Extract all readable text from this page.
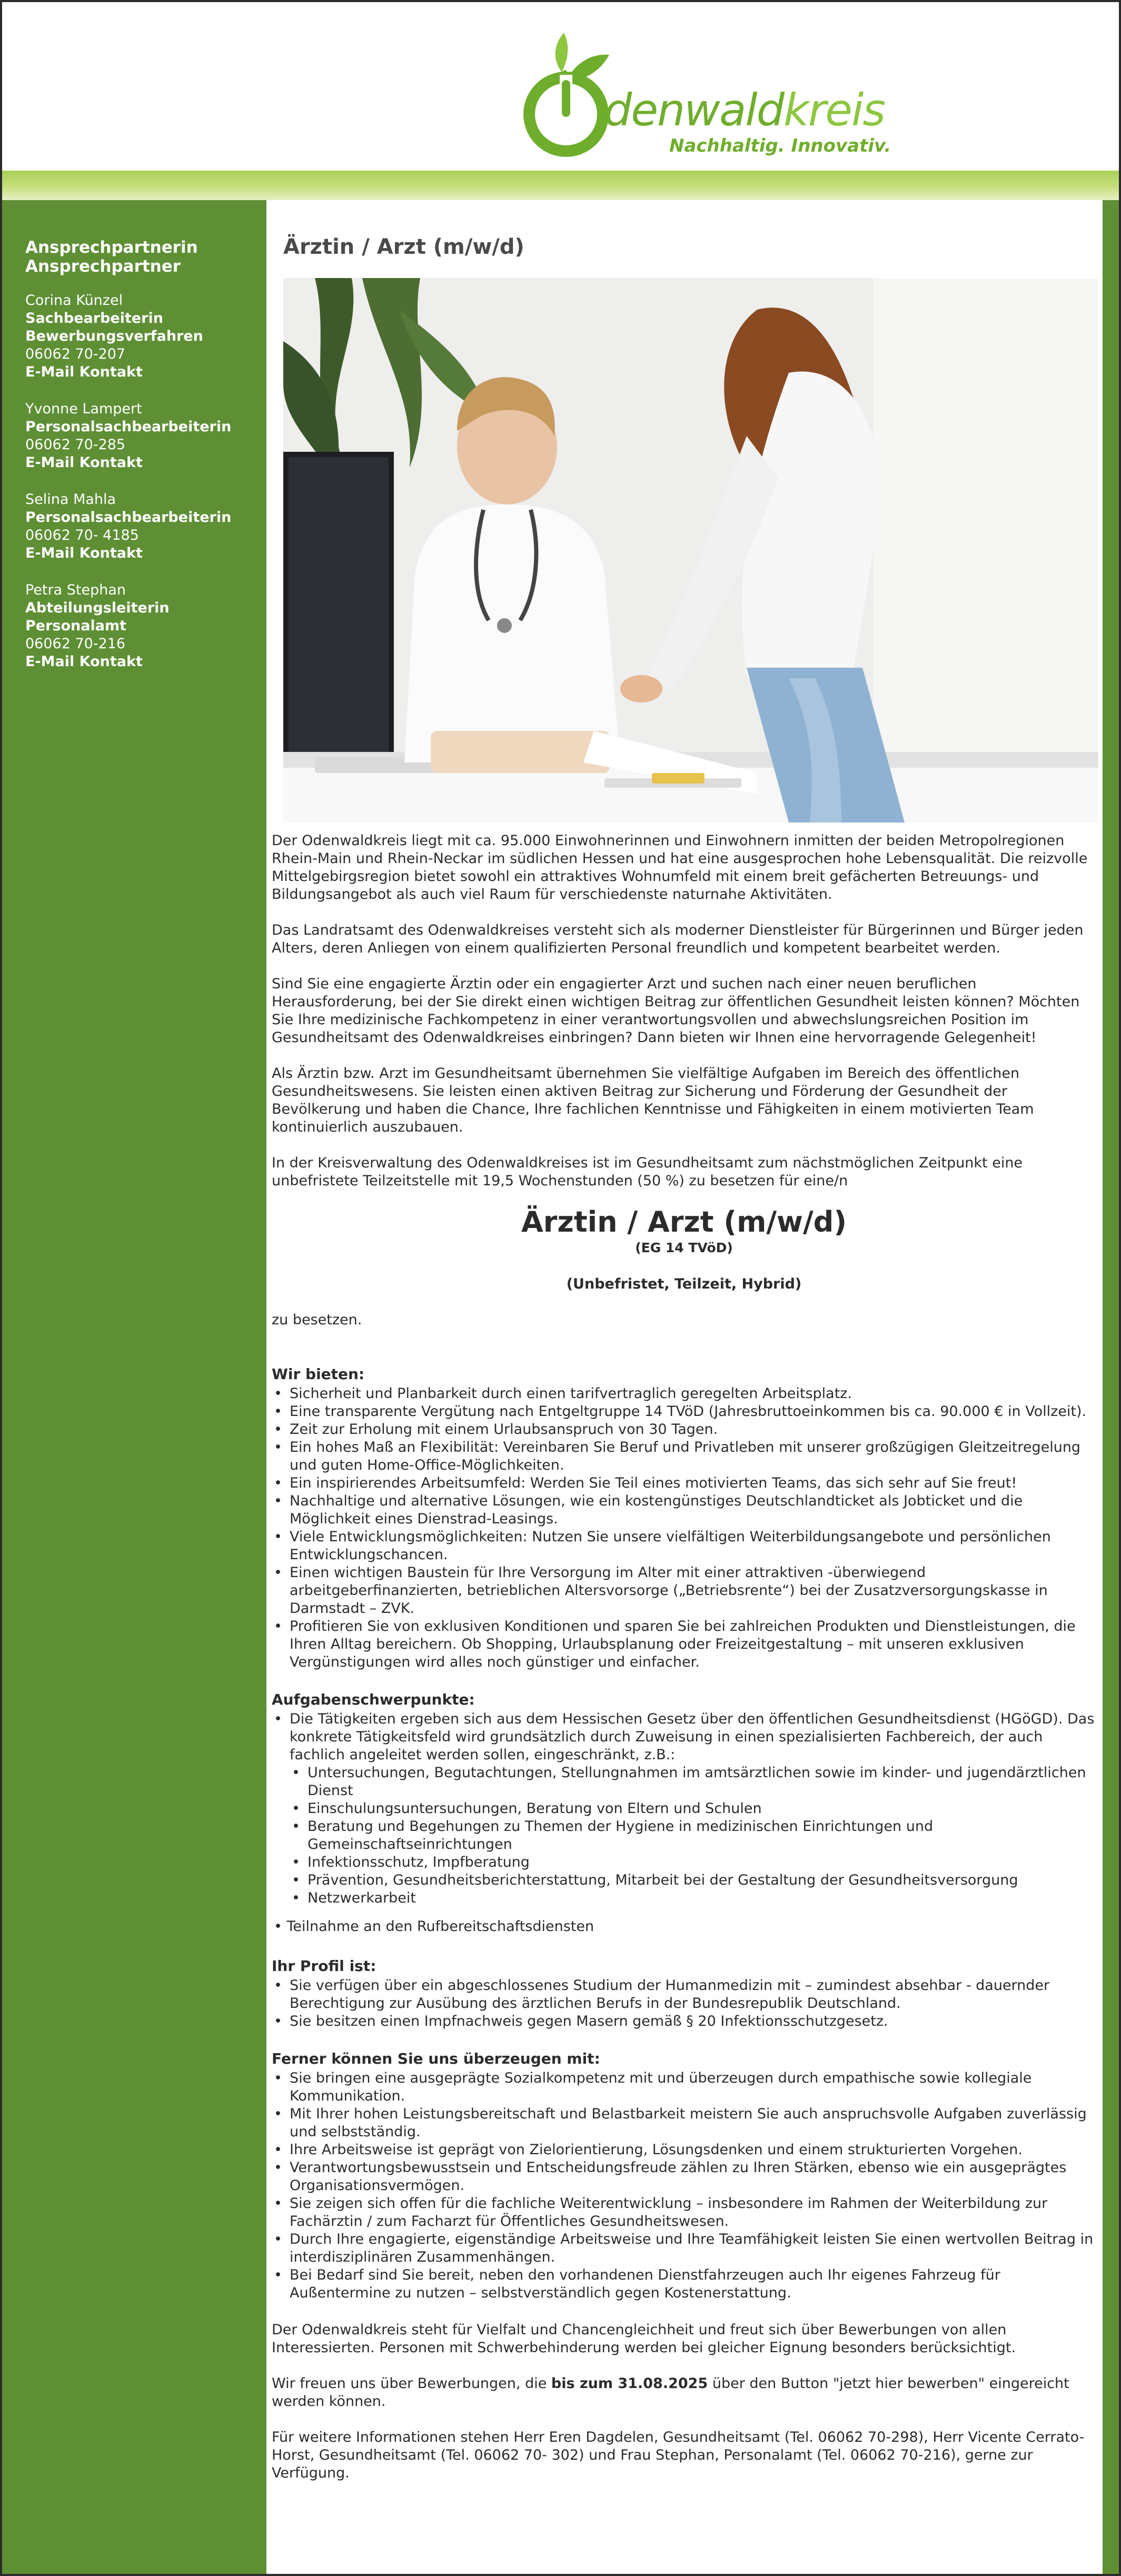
denwaldkreis
Nachhaltig. Innovativ.
Ansprechpartnerin
Ansprechpartner
Corina Künzel
Sachbearbeiterin
Bewerbungsverfahren
06062 70-207
E-Mail Kontakt
Yvonne Lampert
Personalsachbearbeiterin
06062 70-285
E-Mail Kontakt
Selina Mahla
Personalsachbearbeiterin
06062 70- 4185
E-Mail Kontakt
Petra Stephan
Abteilungsleiterin
Personalamt
06062 70-216
E-Mail Kontakt
Ärztin / Arzt (m/w/d)

Der Odenwaldkreis liegt mit ca. 95.000 Einwohnerinnen und Einwohnern inmitten der beiden Metropolregionen Rhein-Main und Rhein-Neckar im südlichen Hessen und hat eine ausgesprochen hohe Lebensqualität. Die reizvolle Mittelgebirgsregion bietet sowohl ein attraktives Wohnumfeld mit einem breit gefächerten Betreuungs- und Bildungsangebot als auch viel Raum für verschiedenste naturnahe Aktivitäten.

Das Landratsamt des Odenwaldkreises versteht sich als moderner Dienstleister für Bürgerinnen und Bürger jeden Alters, deren Anliegen von einem qualifizierten Personal freundlich und kompetent bearbeitet werden.

Sind Sie eine engagierte Ärztin oder ein engagierter Arzt und suchen nach einer neuen beruflichen Herausforderung, bei der Sie direkt einen wichtigen Beitrag zur öffentlichen Gesundheit leisten können? Möchten Sie Ihre medizinische Fachkompetenz in einer verantwortungsvollen und abwechslungsreichen Position im Gesundheitsamt des Odenwaldkreises einbringen? Dann bieten wir Ihnen eine hervorragende Gelegenheit!

Als Ärztin bzw. Arzt im Gesundheitsamt übernehmen Sie vielfältige Aufgaben im Bereich des öffentlichen Gesundheitswesens. Sie leisten einen aktiven Beitrag zur Sicherung und Förderung der Gesundheit der Bevölkerung und haben die Chance, Ihre fachlichen Kenntnisse und Fähigkeiten in einem motivierten Team kontinuierlich auszubauen.

In der Kreisverwaltung des Odenwaldkreises ist im Gesundheitsamt zum nächstmöglichen Zeitpunkt eine unbefristete Teilzeitstelle mit 19,5 Wochenstunden (50 %) zu besetzen für eine/n

Ärztin / Arzt (m/w/d)
(EG 14 TVöD)
(Unbefristet, Teilzeit, Hybrid)
zu besetzen.
Wir bieten:
• Sicherheit und Planbarkeit durch einen tarifvertraglich geregelten Arbeitsplatz.
• Eine transparente Vergütung nach Entgeltgruppe 14 TVöD (Jahresbruttoeinkommen bis ca. 90.000 € in Vollzeit).
• Zeit zur Erholung mit einem Urlaubsanspruch von 30 Tagen.
• Ein hohes Maß an Flexibilität: Vereinbaren Sie Beruf und Privatleben mit unserer großzügigen Gleitzeitregelung und guten Home-Office-Möglichkeiten.
• Ein inspirierendes Arbeitsumfeld: Werden Sie Teil eines motivierten Teams, das sich sehr auf Sie freut!
• Nachhaltige und alternative Lösungen, wie ein kostengünstiges Deutschlandticket als Jobticket und die Möglichkeit eines Dienstrad-Leasings.
• Viele Entwicklungsmöglichkeiten: Nutzen Sie unsere vielfältigen Weiterbildungsangebote und persönlichen Entwicklungschancen.
• Einen wichtigen Baustein für Ihre Versorgung im Alter mit einer attraktiven -überwiegend arbeitgeberfinanzierten, betrieblichen Altersvorsorge („Betriebsrente“) bei der Zusatzversorgungskasse in Darmstadt – ZVK.
• Profitieren Sie von exklusiven Konditionen und sparen Sie bei zahlreichen Produkten und Dienstleistungen, die Ihren Alltag bereichern. Ob Shopping, Urlaubsplanung oder Freizeitgestaltung – mit unseren exklusiven Vergünstigungen wird alles noch günstiger und einfacher.
Aufgabenschwerpunkte:
• Die Tätigkeiten ergeben sich aus dem Hessischen Gesetz über den öffentlichen Gesundheitsdienst (HGöGD). Das konkrete Tätigkeitsfeld wird grundsätzlich durch Zuweisung in einen spezialisierten Fachbereich, der auch fachlich angeleitet werden sollen, eingeschränkt, z.B.:
• Untersuchungen, Begutachtungen, Stellungnahmen im amtsärztlichen sowie im kinder- und jugendärztlichen Dienst
• Einschulungsuntersuchungen, Beratung von Eltern und Schulen
• Beratung und Begehungen zu Themen der Hygiene in medizinischen Einrichtungen und Gemeinschaftseinrichtungen
• Infektionsschutz, Impfberatung
• Prävention, Gesundheitsberichterstattung, Mitarbeit bei der Gestaltung der Gesundheitsversorgung
• Netzwerkarbeit
• Teilnahme an den Rufbereitschaftsdiensten
Ihr Profil ist:
• Sie verfügen über ein abgeschlossenes Studium der Humanmedizin mit – zumindest absehbar - dauernder Berechtigung zur Ausübung des ärztlichen Berufs in der Bundesrepublik Deutschland.
• Sie besitzen einen Impfnachweis gegen Masern gemäß § 20 Infektionsschutzgesetz.
Ferner können Sie uns überzeugen mit:
• Sie bringen eine ausgeprägte Sozialkompetenz mit und überzeugen durch empathische sowie kollegiale Kommunikation.
• Mit Ihrer hohen Leistungsbereitschaft und Belastbarkeit meistern Sie auch anspruchsvolle Aufgaben zuverlässig und selbstständig.
• Ihre Arbeitsweise ist geprägt von Zielorientierung, Lösungsdenken und einem strukturierten Vorgehen.
• Verantwortungsbewusstsein und Entscheidungsfreude zählen zu Ihren Stärken, ebenso wie ein ausgeprägtes Organisationsvermögen.
• Sie zeigen sich offen für die fachliche Weiterentwicklung – insbesondere im Rahmen der Weiterbildung zur Fachärztin / zum Facharzt für Öffentliches Gesundheitswesen.
• Durch Ihre engagierte, eigenständige Arbeitsweise und Ihre Teamfähigkeit leisten Sie einen wertvollen Beitrag in interdisziplinären Zusammenhängen.
• Bei Bedarf sind Sie bereit, neben den vorhandenen Dienstfahrzeugen auch Ihr eigenes Fahrzeug für Außentermine zu nutzen – selbstverständlich gegen Kostenerstattung.

Der Odenwaldkreis steht für Vielfalt und Chancengleichheit und freut sich über Bewerbungen von allen Interessierten. Personen mit Schwerbehinderung werden bei gleicher Eignung besonders berücksichtigt.

Wir freuen uns über Bewerbungen, die bis zum 31.08.2025 über den Button "jetzt hier bewerben" eingereicht werden können.

Für weitere Informationen stehen Herr Eren Dagdelen, Gesundheitsamt (Tel. 06062 70-298), Herr Vicente Cerrato-Horst, Gesundheitsamt (Tel. 06062 70- 302) und Frau Stephan, Personalamt (Tel. 06062 70-216), gerne zur Verfügung.
